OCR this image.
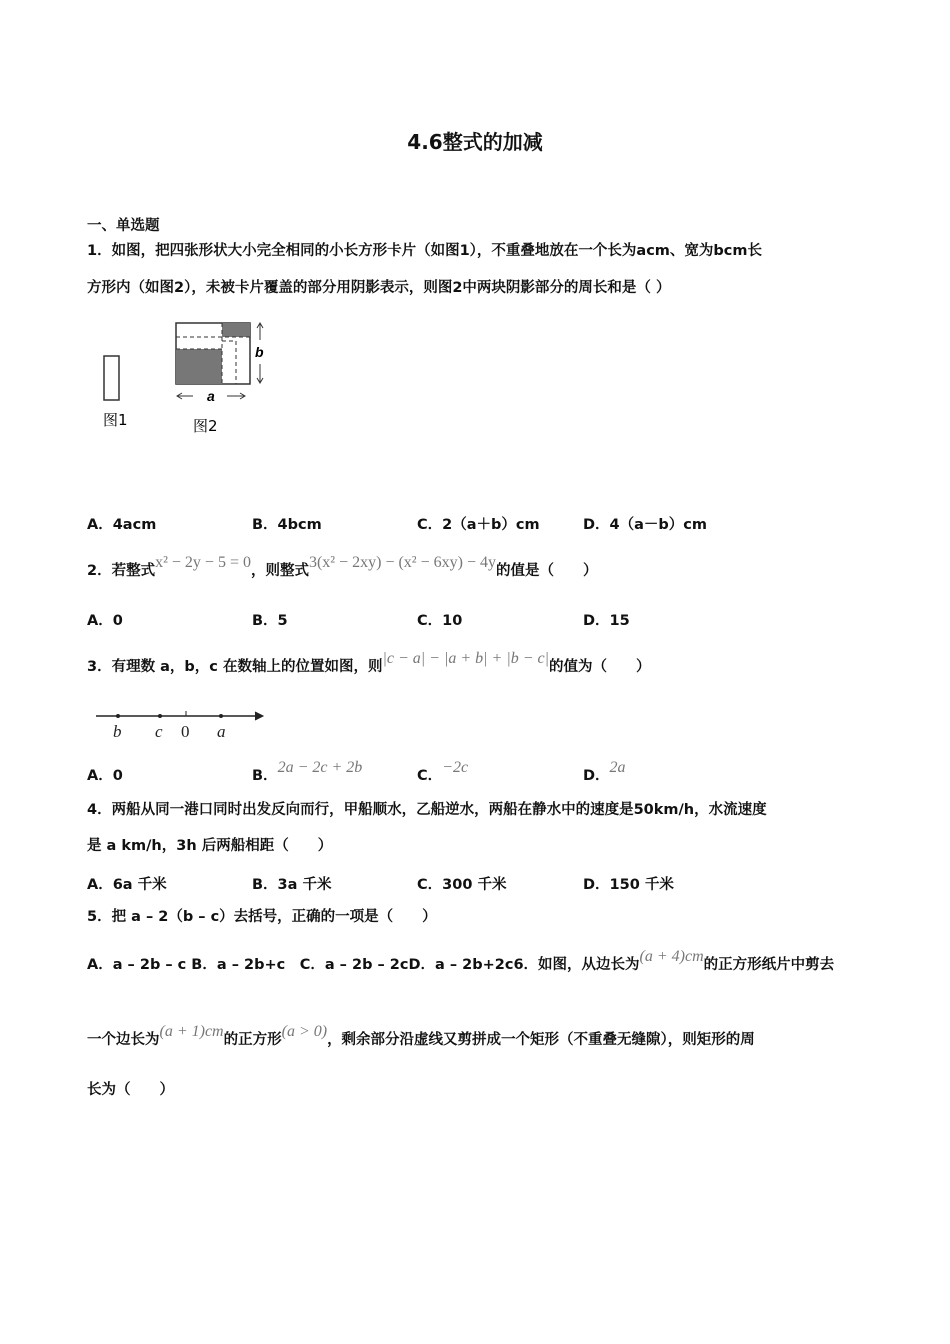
4.6整式的加减
一、单选题
1．如图，把四张形状大小完全相同的小长方形卡片（如图1），不重叠地放在一个长为acm、宽为bcm长
方形内（如图2），未被卡片覆盖的部分用阴影表示，则图2中两块阴影部分的周长和是（ ）
b
a
图1	图2
A．4acm	B．4bcm	C．2（a＋b）cm	D．4（a－b）cm
2．若整式x² − 2y − 5 = 0，则整式3(x² − 2xy) − (x² − 6xy) − 4y的值是（　　）
A．0	B．5	C．10	D．15
3．有理数 a，b，c 在数轴上的位置如图，则|c − a| − |a + b| + |b − c|的值为（　　）
b c 0 a
A．0	B．2a − 2c + 2b	C．−2c	D．2a
4．两船从同一港口同时出发反向而行，甲船顺水，乙船逆水，两船在静水中的速度是50km/h，水流速度
是 a km/h，3h 后两船相距（　　）
A．6a 千米	B．3a 千米	C．300 千米	D．150 千米
5．把 a – 2（b – c）去括号，正确的一项是（　　）
A．a – 2b – c B．a – 2b+c　C．a – 2b – 2cD．a – 2b+2c6．如图，从边长为(a + 4)cm的正方形纸片中剪去
一个边长为(a + 1)cm的正方形(a > 0)，剩余部分沿虚线又剪拼成一个矩形（不重叠无缝隙），则矩形的周
长为（　　）
